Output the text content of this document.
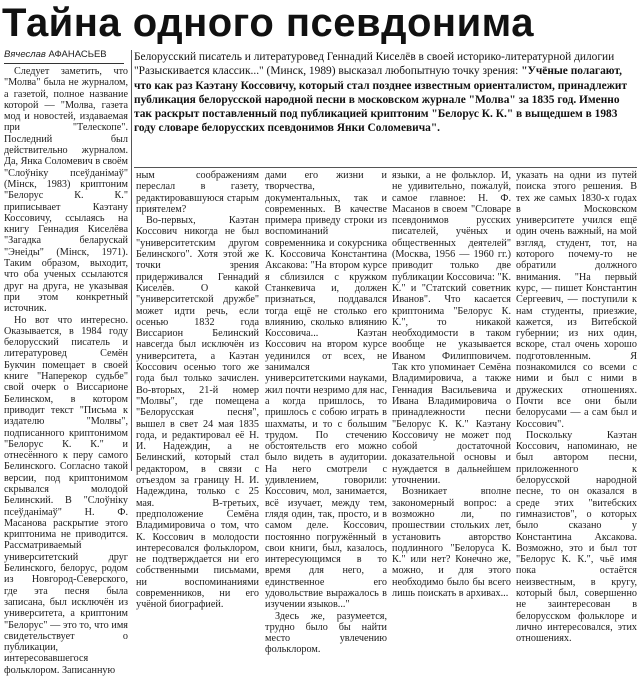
Тайна одного псевдонима
Вячеслав АФАНАСЬЕВ	Белорусский писатель и литературовед Геннадий Киселёв в своей историко-литературной дилогии "Разыскивается классик..." (Минск, 1989) высказал любопытную точку зрения: "Учёные полагают, что как раз Каэтану Коссовичу, который стал позднее известным ориенталистом, принадлежит публикация белорусской народной песни в московском журнале "Молва" за 1835 год. Именно так раскрыт поставленный под публикацией криптоним "Белорус К. К." в выщедшем в 1983 году словаре белорусских псевдонимов Янки Соломевича".

Следует заметить, что "Молва" была не журналом, а газетой, полное название которой — "Молва, газета мод и новостей, издаваемая при "Телескопе". Последний был действительно журналом. Да, Янка Соломевич в своём "Слоўніку псеўданімаў" (Мінск, 1983) криптоним "Белорус К. К." приписывает Каэтану Коссовичу, ссылаясь на книгу Геннадия Киселёва "Загадка беларускай "Энеіды" (Мінск, 1971). Таким образом, выходит, что оба ученых ссылаются друг на друга, не указывая при этом конкретный источник.

Но вот что интересно. Оказывается, в 1984 году белорусский писатель и литературовед Семён Букчин помещает в своей книге "Наперекор судьбе" свой очерк о Виссарионе Белинском, в котором приводит текст "Письма к издателю "Молвы", подписанного криптонимом "Белорус К. К." и отнесённого к перу самого Белинского. Согласно такой версии, под криптонимом скрывался молодой Белинский. В "Слоўніку псеўданімаў" Н. Ф. Масанова раскрытие этого криптонима не приводится. Рассматриваемый университетский друг Белинского, белорус, родом из Новгород-Северского, где эта песня была записана, был исключён из университета, а криптоним "Белорус" — это то, что имя свидетельствует о публикации, интересовавшегося фольклором. Записанную

ным соображениям переслал в газету, редактировавшуюся старым приятелем?

Во-первых, Каэтан Коссович никогда не был "университетским другом Белинского". Хотя этой же точки зрения придерживался Геннадий Киселёв. О какой "университетской дружбе" может идти речь, если осенью 1832 года Виссарион Белинский навсегда был исключён из университета, а Каэтан Коссович осенью того же года был только зачислен. Во-вторых, 21-й номер "Молвы", где помещена "Белорусская песня", вышел в свет 24 мая 1835 года, и редактировал её Н. И. Надеждин, а не Белинский, который стал редактором, в связи с отъездом за границу Н. И. Надеждина, только с 25 мая. В-третьих, предположение Семёна Владимировича о том, что К. Коссович в молодости интересовался фольклором, не подтверждается ни его собственными письмами, ни воспоминаниями современников, ни его учёной биографией.

дами его жизни и творчества, документальных, так и современных. В качестве примера приведу строки из воспоминаний современника и сокурсника К. Коссовича Константина Аксакова: "На втором курсе я сблизился с кружком Станкевича и, должен признаться, поддавался тогда ещё не столько его влиянию, сколько влиянию Коссовича... Каэтан Коссович на втором курсе уединился от всех, не занимался университетскими науками, жил почти незримо для нас, а когда пришлось, то пришлось с собою играть в шахматы, и то с большим трудом. По стечению обстоятельств его можно было видеть в аудитории. На него смотрели с удивлением, говорили: Коссович, мол, занимается, всё изучает, между тем, глядя один, так, просто, и в самом деле. Коссович, постоянно погружённый в свои книги, был, казалось, интересующимся в то время для него, а единственное его удовольствие выражалось в изучении языков..."

Здесь же, разумеется, трудно было бы найти место увлечению фольклором.

языки, а не фольклор. И, не удивительно, пожалуй, самое главное: Н. Ф. Масанов в своем "Словаре псевдонимов русских писателей, учёных и общественных деятелей" (Москва, 1956 — 1960 гг.) приводит только две публикации Коссовича: "К. К." и "Статский советник Иванов". Что касается криптонима "Белорус К. К.", то никакой необходимости в таком вообще не указывается Иваном Филипповичем. Так кто упоминает Семёна Владимировича, а также Геннадия Васильевича и Ивана Владимировича о принадлежности песни "Белорус К. К." Каэтану Коссовичу не может под собой достаточной доказательной основы и нуждается в дальнейшем уточнении.

Возникает вполне закономерный вопрос: а возможно ли, по прошествии стольких лет, установить авторство подлинного "Белоруса К. К." или нет? Конечно же, можно, и для этого необходимо было бы всего лишь поискать в архивах...

указать на одни из путей поиска этого решения. В тех же самых 1830-х годах в Московском университете учился ещё один очень важный, на мой взгляд, студент, тот, на которого почему-то не обратили должного внимания. "На первый курс, — пишет Константин Сергеевич, — поступили к нам студенты, приезжие, кажется, из Витебской губернии; из них один, вскоре, стал очень хорошо подготовленным. Я познакомился со всеми с ними и был с ними в дружеских отношениях. Почти все они были белорусами — а сам был и Коссович".

Поскольку Каэтан Коссович, напоминаю, не был автором песни, приложенного к белорусской народной песне, то он оказался в среде этих "витебских гимназистов", о которых было сказано у Константина Аксакова. Возможно, это и был тот "Белорус К. К.", чьё имя пока остаётся неизвестным, в кругу, который был, совершенно не заинтересован в белорусском фольклоре и лично интересовался, этих отношениях.
